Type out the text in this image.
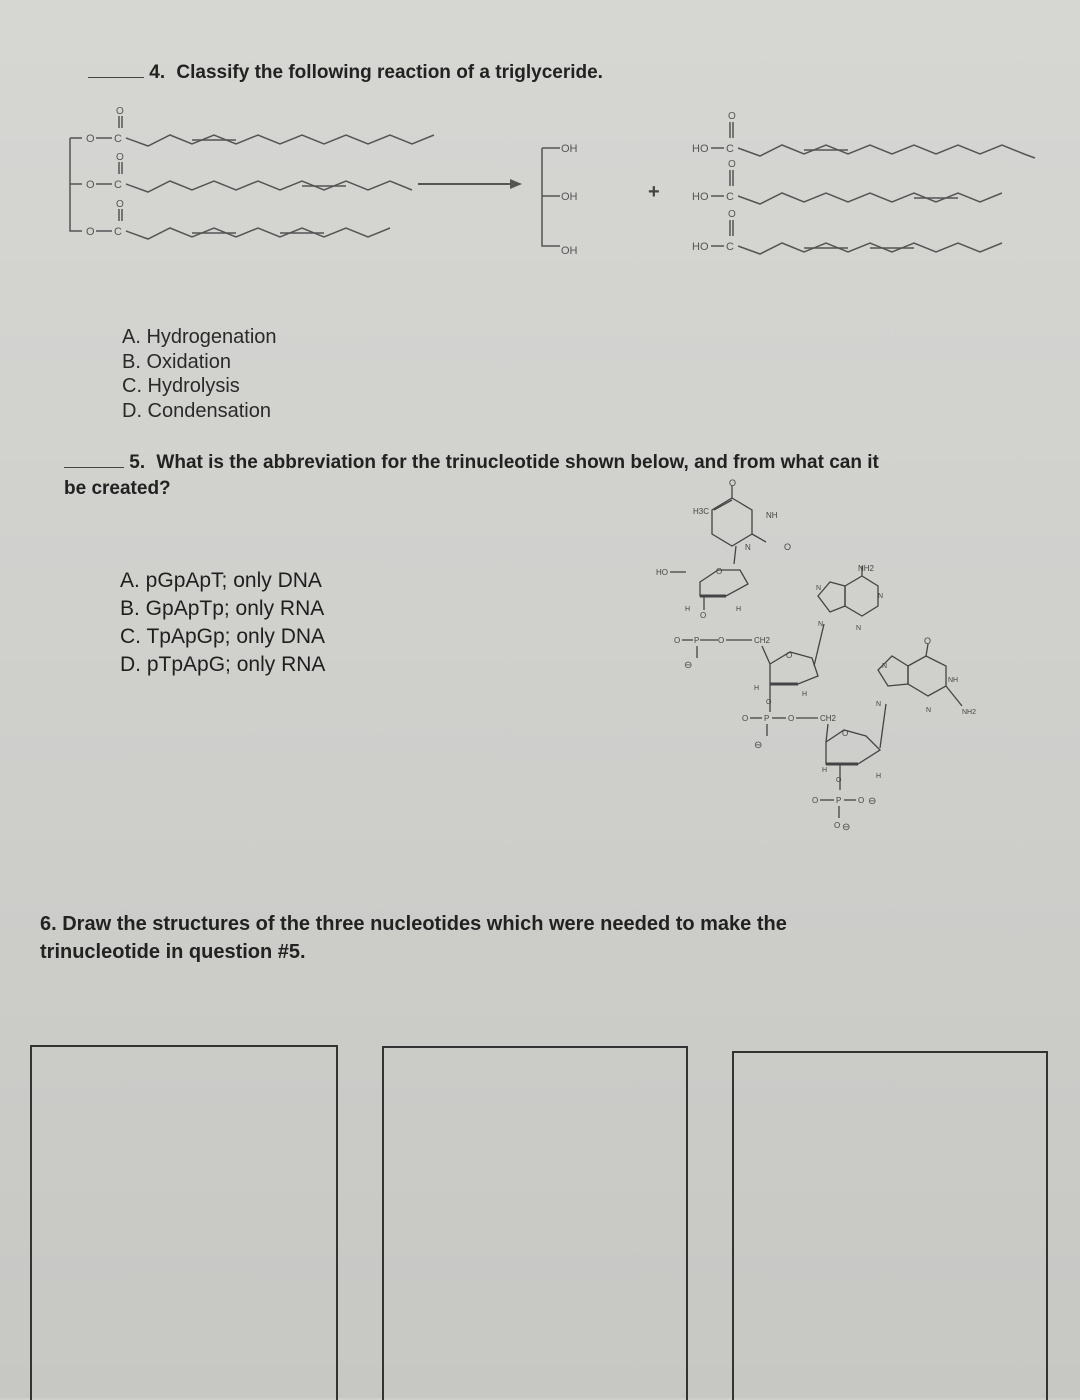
4. Classify the following reaction of a triglyceride.
O
O
O
C
C
C
O
O
O
OH
OH
OH
+
HO
HO
HO
C
C
C
O
O
O
A. Hydrogenation
B. Oxidation
C. Hydrolysis
D. Condensation
5. What is the abbreviation for the trinucleotide shown below, and from what can it
be created?
A. pGpApT; only DNA
B. GpApTp; only RNA
C. TpApGp; only DNA
D. pTpApG; only RNA
H3C
O
NH
N	O
HO	O
O
H	H
O P O	CH2
⊖
NH2
N
N
N
N
O
H
H
O
O P O	CH2
⊖
O
NH
NH2
N
N
N
O
H
H
O
O P O ⊖
O ⊖
6. Draw the structures of the three nucleotides which were needed to make the
trinucleotide in question #5.
